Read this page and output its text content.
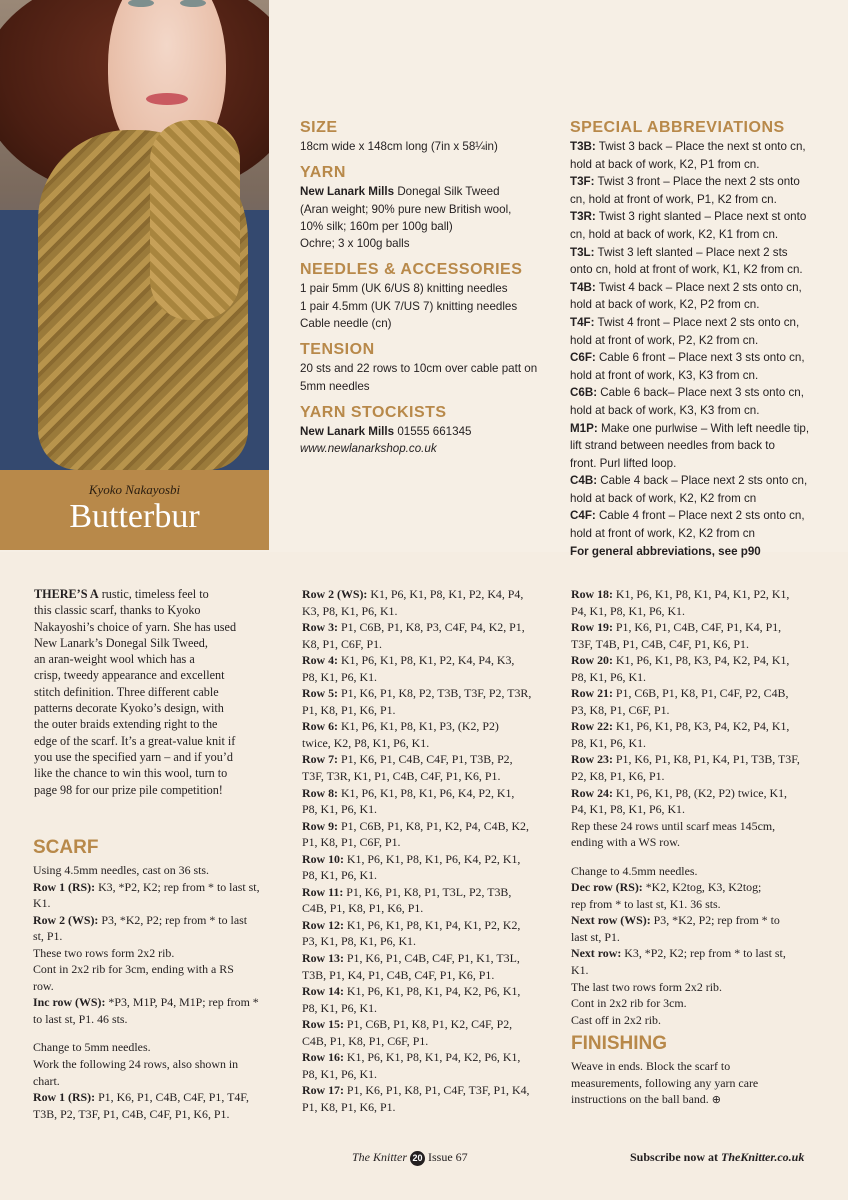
Kyoko Nakayosbi
Butterbur

SIZE

18cm wide x 148cm long (7in x 58¼in)

YARN

New Lanark Mills Donegal Silk Tweed

(Aran weight; 90% pure new British wool,

10% silk; 160m per 100g ball)

Ochre; 3 x 100g balls

NEEDLES & ACCESSORIES

1 pair 5mm (UK 6/US 8) knitting needles

1 pair 4.5mm (UK 7/US 7) knitting needles

Cable needle (cn)

TENSION

20 sts and 22 rows to 10cm over cable patt on

5mm needles

YARN STOCKISTS

New Lanark Mills 01555 661345

www.newlanarkshop.co.uk

SPECIAL ABBREVIATIONS

T3B: Twist 3 back – Place the next st onto cn,

hold at back of work, K2, P1 from cn.

T3F: Twist 3 front – Place the next 2 sts onto

cn, hold at front of work, P1, K2 from cn.

T3R: Twist 3 right slanted – Place next st onto

cn, hold at back of work, K2, K1 from cn.

T3L: Twist 3 left slanted – Place next 2 sts

onto cn, hold at front of work, K1, K2 from cn.

T4B: Twist 4 back – Place next 2 sts onto cn,

hold at back of work, K2, P2 from cn.

T4F: Twist 4 front – Place next 2 sts onto cn,

hold at front of work, P2, K2 from cn.

C6F: Cable 6 front – Place next 3 sts onto cn,

hold at front of work, K3, K3 from cn.

C6B: Cable 6 back– Place next 3 sts onto cn,

hold at back of work, K3, K3 from cn.

M1P: Make one purlwise – With left needle tip,

lift strand between needles from back to

front. Purl lifted loop.

C4B: Cable 4 back – Place next 2 sts onto cn,

hold at back of work, K2, K2 from cn

C4F: Cable 4 front – Place next 2 sts onto cn,

hold at front of work, K2, K2 from cn

For general abbreviations, see p90

THERE’S A rustic, timeless feel to
this classic scarf, thanks to Kyoko
Nakayoshi’s choice of yarn. She has used
New Lanark’s Donegal Silk Tweed,
an aran-weight wool which has a
crisp, tweedy appearance and excellent
stitch definition. Three different cable
patterns decorate Kyoko’s design, with
the outer braids extending right to the
edge of the scarf. It’s a great-value knit if
you use the specified yarn – and if you’d
like the chance to win this wool, turn to
page 98 for our prize pile competition!

SCARF

Using 4.5mm needles, cast on 36 sts.
Row 1 (RS): K3, *P2, K2; rep from * to last st,
K1.
Row 2 (WS): P3, *K2, P2; rep from * to last
st, P1.
These two rows form 2x2 rib.
Cont in 2x2 rib for 3cm, ending with a RS
row.
Inc row (WS): *P3, M1P, P4, M1P; rep from *
to last st, P1. 46 sts.
Change to 5mm needles.
Work the following 24 rows, also shown in
chart.
Row 1 (RS): P1, K6, P1, C4B, C4F, P1, T4F,
T3B, P2, T3F, P1, C4B, C4F, P1, K6, P1.
Row 2 (WS): K1, P6, K1, P8, K1, P2, K4, P4,
K3, P8, K1, P6, K1.
Row 3: P1, C6B, P1, K8, P3, C4F, P4, K2, P1,
K8, P1, C6F, P1.
Row 4: K1, P6, K1, P8, K1, P2, K4, P4, K3,
P8, K1, P6, K1.
Row 5: P1, K6, P1, K8, P2, T3B, T3F, P2, T3R,
P1, K8, P1, K6, P1.
Row 6: K1, P6, K1, P8, K1, P3, (K2, P2)
twice, K2, P8, K1, P6, K1.
Row 7: P1, K6, P1, C4B, C4F, P1, T3B, P2,
T3F, T3R, K1, P1, C4B, C4F, P1, K6, P1.
Row 8: K1, P6, K1, P8, K1, P6, K4, P2, K1,
P8, K1, P6, K1.
Row 9: P1, C6B, P1, K8, P1, K2, P4, C4B, K2,
P1, K8, P1, C6F, P1.
Row 10: K1, P6, K1, P8, K1, P6, K4, P2, K1,
P8, K1, P6, K1.
Row 11: P1, K6, P1, K8, P1, T3L, P2, T3B,
C4B, P1, K8, P1, K6, P1.
Row 12: K1, P6, K1, P8, K1, P4, K1, P2, K2,
P3, K1, P8, K1, P6, K1.
Row 13: P1, K6, P1, C4B, C4F, P1, K1, T3L,
T3B, P1, K4, P1, C4B, C4F, P1, K6, P1.
Row 14: K1, P6, K1, P8, K1, P4, K2, P6, K1,
P8, K1, P6, K1.
Row 15: P1, C6B, P1, K8, P1, K2, C4F, P2,
C4B, P1, K8, P1, C6F, P1.
Row 16: K1, P6, K1, P8, K1, P4, K2, P6, K1,
P8, K1, P6, K1.
Row 17: P1, K6, P1, K8, P1, C4F, T3F, P1, K4,
P1, K8, P1, K6, P1.
Row 18: K1, P6, K1, P8, K1, P4, K1, P2, K1,
P4, K1, P8, K1, P6, K1.
Row 19: P1, K6, P1, C4B, C4F, P1, K4, P1,
T3F, T4B, P1, C4B, C4F, P1, K6, P1.
Row 20: K1, P6, K1, P8, K3, P4, K2, P4, K1,
P8, K1, P6, K1.
Row 21: P1, C6B, P1, K8, P1, C4F, P2, C4B,
P3, K8, P1, C6F, P1.
Row 22: K1, P6, K1, P8, K3, P4, K2, P4, K1,
P8, K1, P6, K1.
Row 23: P1, K6, P1, K8, P1, K4, P1, T3B, T3F,
P2, K8, P1, K6, P1.
Row 24: K1, P6, K1, P8, (K2, P2) twice, K1,
P4, K1, P8, K1, P6, K1.
Rep these 24 rows until scarf meas 145cm,
ending with a WS row.
Change to 4.5mm needles.
Dec row (RS): *K2, K2tog, K3, K2tog;
rep from * to last st, K1. 36 sts.
Next row (WS): P3, *K2, P2; rep from * to
last st, P1.
Next row: K3, *P2, K2; rep from * to last st,
K1.
The last two rows form 2x2 rib.
Cont in 2x2 rib for 3cm.
Cast off in 2x2 rib.

FINISHING

Weave in ends. Block the scarf to
measurements, following any yarn care
instructions on the ball band. ⊕
The Knitter 20 Issue 67	Subscribe now at TheKnitter.co.uk
